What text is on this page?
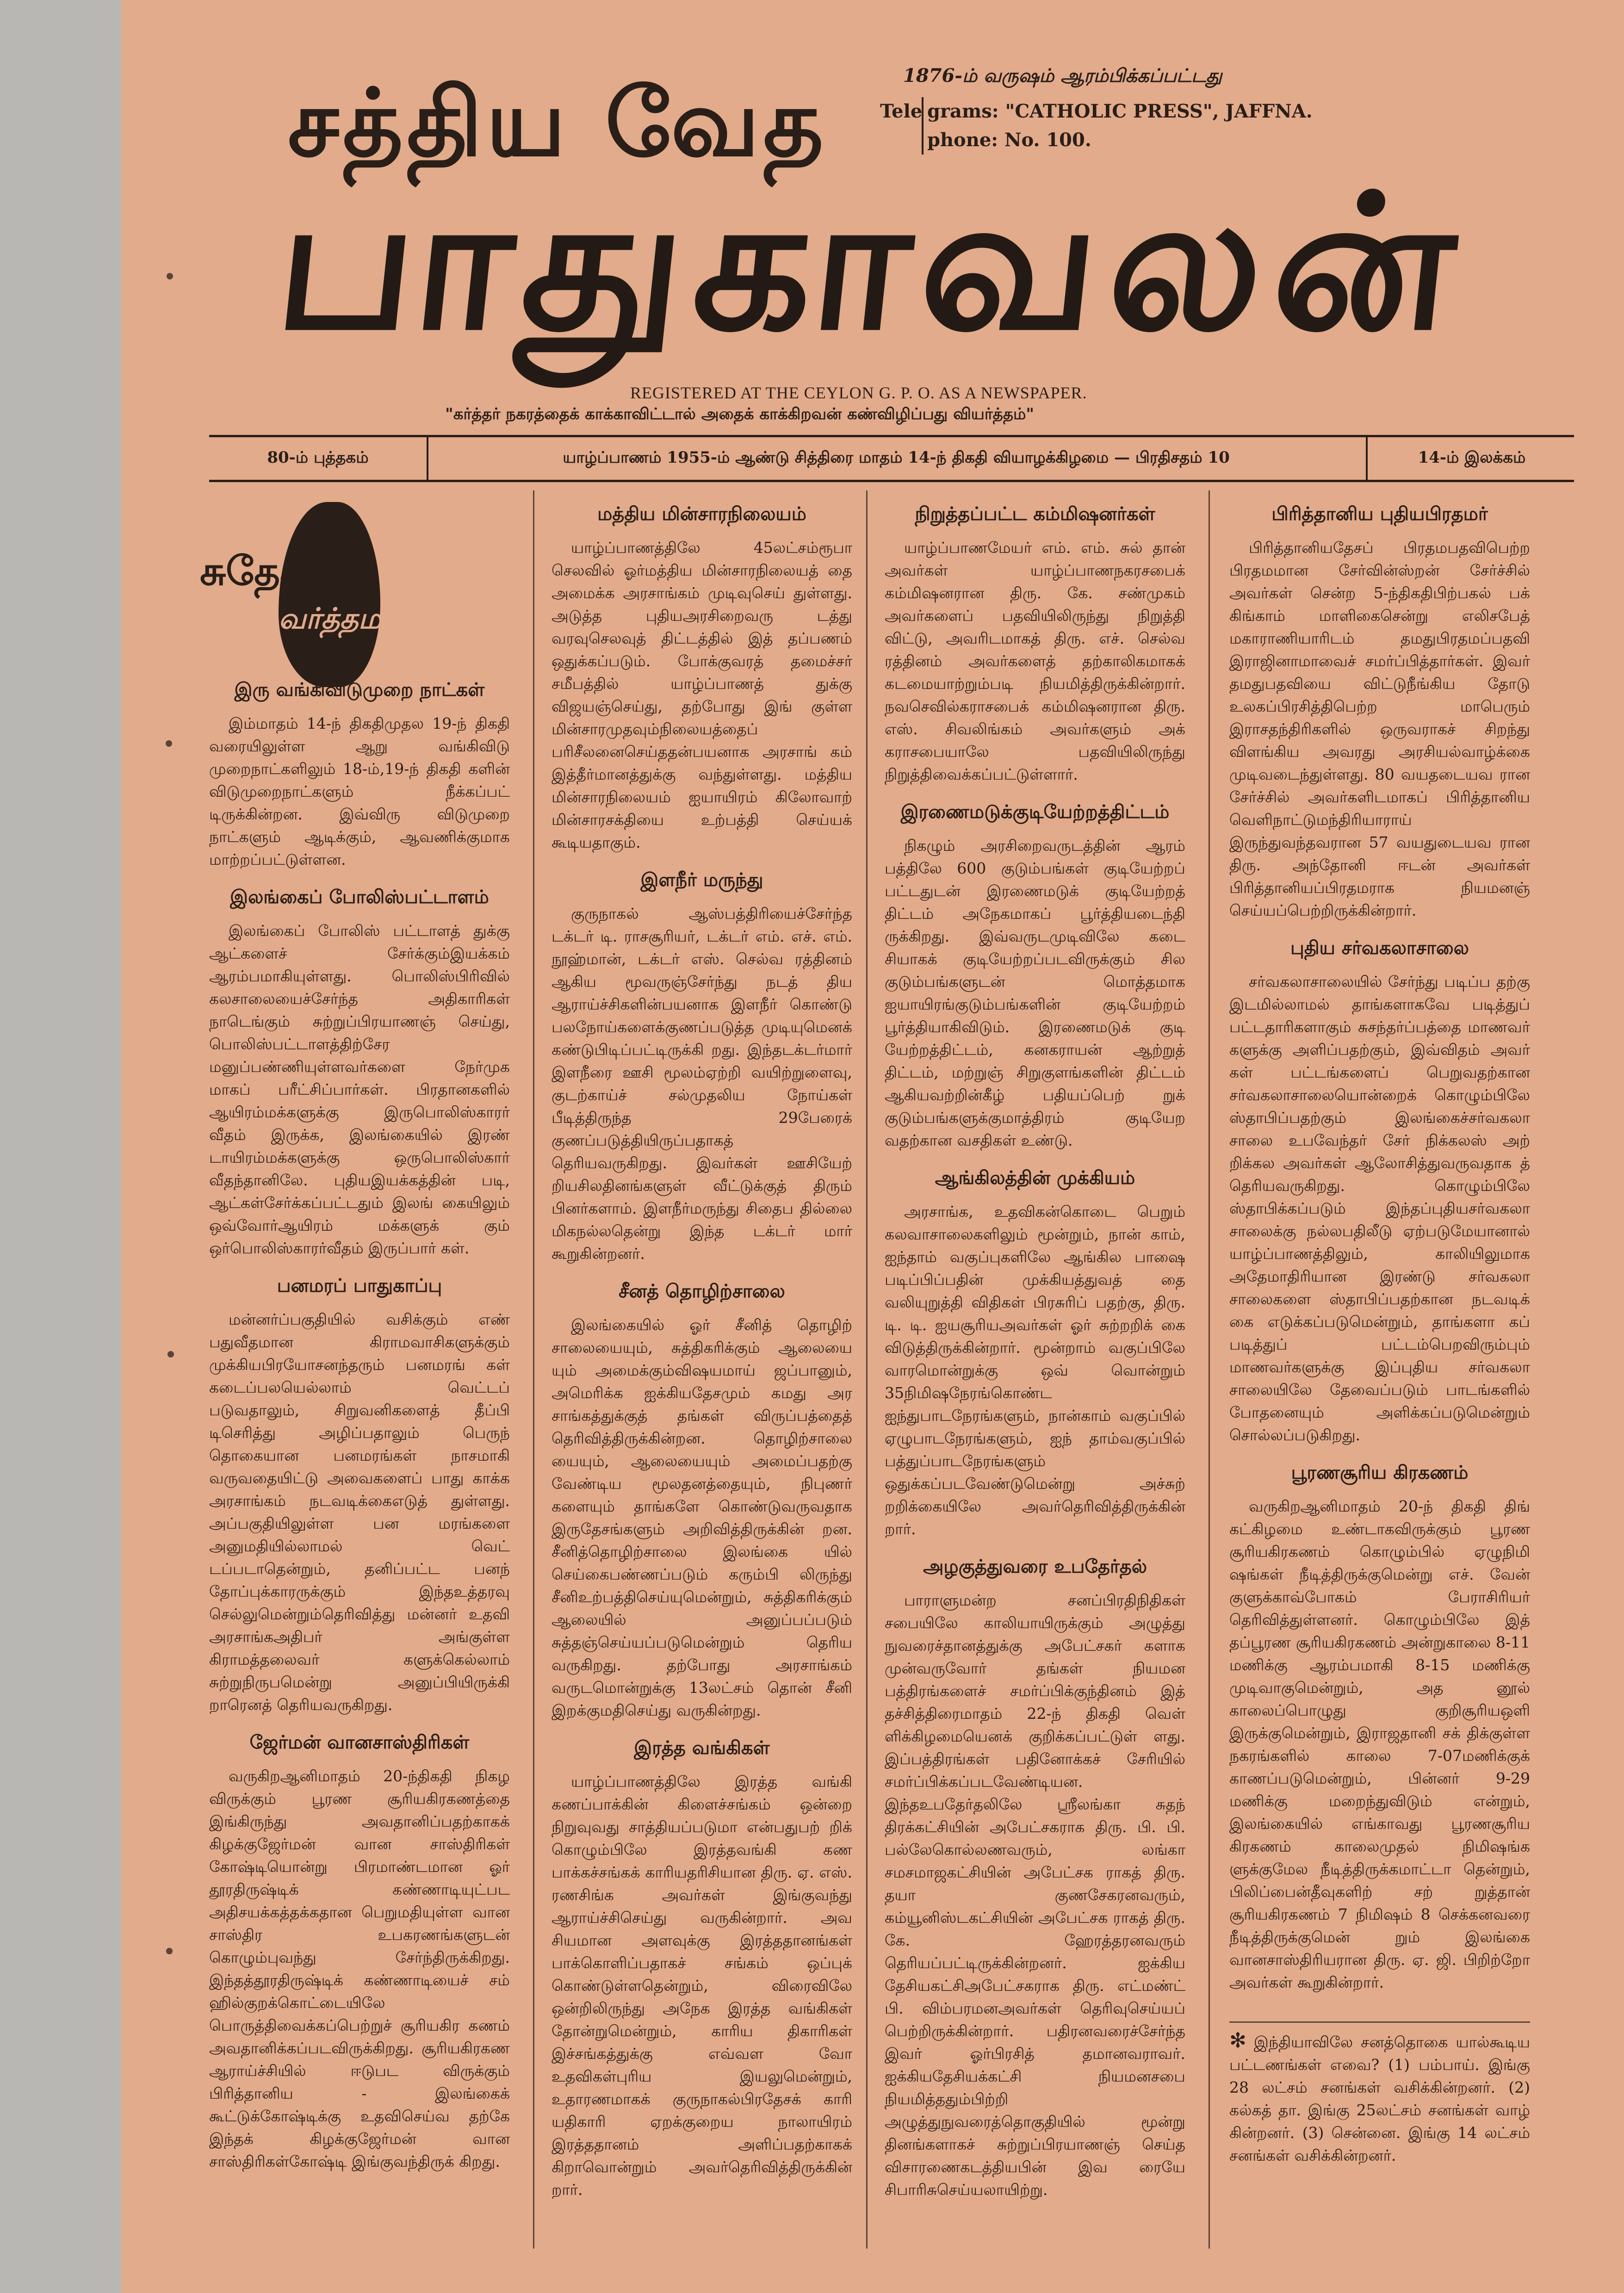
சத்திய வேத
பாதுகாவலன்
1876-ம் வருஷம் ஆரம்பிக்கப்பட்டது
Tele grams: "CATHOLIC PRESS", JAFFNA.
phone: No. 100.
REGISTERED AT THE CEYLON G. P. O. AS A NEWSPAPER.
"கர்த்தர் நகரத்தைக் காக்காவிட்டால் அதைக் காக்கிறவன் கண்விழிப்பது வியர்த்தம்"
80-ம் புத்தகம்	யாழ்ப்பாணம் 1955-ம் ஆண்டு சித்திரை மாதம் 14-ந் திகதி வியாழக்கிழமை — பிரதிசதம் 10	14-ம் இலக்கம்
சுதேச
வர்த்தமானம்
இரு வங்கிவிடுமுறை நாட்கள்

இம்மாதம் 14-ந் திகதிமுதல 19-ந் திகதி வரையிலுள்ள ஆறு வங்கிவிடு முறைநாட்களிலும் 18-ம்,19-ந் திகதி களின் விடுமுறைநாட்களும் நீக்கப்பட் டிருக்கின்றன. இவ்விரு விடுமுறை நாட்களும் ஆடிக்கும், ஆவணிக்குமாக மாற்றப்பட்டுள்ளன.

இலங்கைப் போலிஸ்பட்டாளம்

இலங்கைப் போலிஸ் பட்டாளத் துக்கு ஆட்களைச் சேர்க்கும்இயக்கம் ஆரம்பமாகியுள்ளது. பொலிஸ்பிரிவில் கலசாலையைச்சேர்ந்த அதிகாரிகள் நாடெங்கும் சுற்றுப்பிரயாணஞ் செய்து, பொலிஸ்பட்டாளத்திற்சேர மனுப்பண்ணியுள்ளவர்களை நேர்முக மாகப் பரீட்சிப்பார்கள். பிரதானகளில் ஆயிரம்மக்களுக்கு இருபொலிஸ்காரர் வீதம் இருக்க, இலங்கையில் இரண் டாயிரம்மக்களுக்கு ஒருபொலிஸ்கார் வீதந்தானிலே. புதியஇயக்கத்தின் படி, ஆட்கள்சேர்க்கப்பட்டதும் இலங் கையிலும் ஒவ்வோர்ஆயிரம் மக்களுக் கும் ஒர்பொலிஸ்காரர்வீதம் இருப்பார் கள்.

பனமரப் பாதுகாப்பு

மன்னர்ப்பகுதியில் வசிக்கும் எண் பதுவீதமான கிராமவாசிகளுக்கும் முக்கியபிரயோசனந்தரும் பனமரங் கள் கடைப்பலயெல்லாம் வெட்டப் படுவதாலும், சிறுவனிகளைத் தீப்பி டிசெரித்து அழிப்பதாலும் பெருந் தொகையான பனமரங்கள் நாசமாகி வருவதையிட்டு அவைகளைப் பாது காக்க அரசாங்கம் நடவடிக்கைஎடுத் துள்ளது. அப்பகுதியிலுள்ள பன மரங்களை அனுமதியில்லாமல் வெட் டப்படாதென்றும், தனிப்பட்ட பனந் தோப்புக்காரருக்கும் இந்தஉத்தரவு செல்லுமென்றும்தெரிவித்து மன்னர் உதவி அரசாங்கஅதிபர் அங்குள்ள கிராமத்தலைவர் களுக்கெல்லாம் சுற்றுநிருபமென்று அனுப்பியிருக்கி றாரெனத் தெரியவருகிறது.

ஜேர்மன் வானசாஸ்திரிகள்

வருகிறஆனிமாதம் 20-ந்திகதி நிகழ விருக்கும் பூரண சூரியகிரகணத்தை இங்கிருந்து அவதானிப்பதற்காகக் கிழக்குஜேர்மன் வான சாஸ்திரிகள் கோஷ்டியொன்று பிரமாண்டமான ஓர் தூரதிருஷ்டிக் கண்ணாடியுட்பட அதிசயக்கத்தக்கதான பெறுமதியுள்ள வான சாஸ்திர உபகரணங்களுடன் கொழும்புவந்து சேர்ந்திருக்கிறது. இந்தத்தூரதிருஷ்டிக் கண்ணாடியைச் சம் ஹில்குறக்கொட்டையிலே பொருத்திவைக்கப்பெற்றுச் சூரியகிர கணம் அவதானிக்கப்படவிருக்கிறது. சூரியகிரகண ஆராய்ச்சியில் ஈடுபட விருக்கும் பிரித்தானிய - இலங்கைக் கூட்டுக்கோஷ்டிக்கு உதவிசெய்வ தற்கே இந்தக் கிழக்குஜேர்மன் வான சாஸ்திரிகள்கோஷ்டி இங்குவந்திருக் கிறது.

மத்திய மின்சாரநிலையம்

யாழ்ப்பாணத்திலே 45லட்சம்ரூபா செலவில் ஓர்மத்திய மின்சாரநிலையத் தை அமைக்க அரசாங்கம் முடிவுசெய் துள்ளது. அடுத்த புதியஅரசிறைவரு டத்து வரவுசெலவுத் திட்டத்தில் இத் தப்பணம் ஒதுக்கப்படும். போக்குவரத் தமைச்சர் சமீபத்தில் யாழ்ப்பாணத் துக்கு விஜயஞ்செய்து, தற்போது இங் குள்ள மின்சாரமுதவும்நிலையத்தைப் பரிசீலனைசெய்ததன்பயனாக அரசாங் கம் இத்தீர்மானத்துக்கு வந்துள்ளது. மத்திய மின்சாரநிலையம் ஐயாயிரம் கிலோவாற் மின்சாரசக்தியை உற்பத்தி செய்யக் கூடியதாகும்.

இளநீர் மருந்து

குருநாகல் ஆஸ்பத்திரியைச்சேர்ந்த டக்டர் டி. ராசசூரியர், டக்டர் எம். எச். எம். நூஹ்மான், டக்டர் எஸ். செல்வ ரத்தினம் ஆகிய மூவருஞ்சேர்ந்து நடத் திய ஆராய்ச்சிகளின்பயனாக இளநீர் கொண்டு பலநோய்களைக்குணப்படுத்த முடியுமெனக் கண்டுபிடிப்பட்டிருக்கி றது. இந்தடக்டர்மார் இளநீரை ஊசி மூலம்ஏற்றி வயிற்றுளைவு, குடற்காய்ச் சல்முதலிய நோய்கள் பீடித்திருந்த 29பேரைக் குணப்படுத்தியிருப்பதாகத் தெரியவருகிறது. இவர்கள் ஊசியேற் றியசிலதினங்களுள் வீட்டுக்குத் திரும் பினர்களாம். இளநீர்மருந்து சிதைப தில்லை மிகநல்லதென்று இந்த டக்டர் மார் கூறுகின்றனர்.

சீனத் தொழிற்சாலை

இலங்கையில் ஓர் சீனித் தொழிற் சாலையையும், சுத்திகரிக்கும் ஆலையை யும் அமைக்கும்விஷயமாய் ஜப்பானும், அமெரிக்க ஐக்கியதேசமும் கமது அர சாங்கத்துக்குத் தங்கள் விருப்பத்தைத் தெரிவித்திருக்கின்றன. தொழிற்சாலை யையும், ஆலையையும் அமைப்பதற்கு வேண்டிய மூலதனத்தையும், நிபுணர் களையும் தாங்களே கொண்டுவருவதாக இருதேசங்களும் அறிவித்திருக்கின் றன. சீனித்தொழிற்சாலை இலங்கை யில் செய்கைபண்ணப்படும் கரும்பி லிருந்து சீனிஉற்பத்திசெய்யுமென்றும், சுத்திகரிக்கும் ஆலையில் அனுப்பப்படும் சுத்தஞ்செய்யப்படுமென்றும் தெரிய வருகிறது. தற்போது அரசாங்கம் வருடமொன்றுக்கு 13லட்சம் தொன் சீனி இறக்குமதிசெய்து வருகின்றது.

இரத்த வங்கிகள்

யாழ்ப்பாணத்திலே இரத்த வங்கி கணப்பாக்கின் கிளைச்சங்கம் ஒன்றை நிறுவுவது சாத்தியப்படுமா என்பதுபற் றிக் கொழும்பிலே இரத்தவங்கி கண பாக்கச்சங்கக் காரியதரிசியான திரு. ஏ. எஸ். ரணசிங்க அவர்கள் இங்குவந்து ஆராய்ச்சிசெய்து வருகின்றார். அவ சியமான அளவுக்கு இரத்ததானங்கள் பாக்கொளிப்பதாகச் சங்கம் ஒப்புக் கொண்டுள்ளதென்றும், விரைவிலே ஒன்றிலிருந்து அநேக இரத்த வங்கிகள் தோன்றுமென்றும், காரிய திகாரிகள் இச்சங்கத்துக்கு எவ்வள வோ உதவிகள்புரிய இயலுமென்றும், உதாரணமாகக் குருநாகல்பிரதேசக் காரி யதிகாரி ஏறக்குறைய நாலாயிரம் இரத்ததானம் அளிப்பதற்காகக் கிறாவொன்றும் அவர்தெரிவித்திருக்கின் றார்.

நிறுத்தப்பட்ட கம்மிஷனர்கள்

யாழ்ப்பாணமேயர் எம். எம். சுல் தான் அவர்கள் யாழ்ப்பாணநகரசபைக் கம்மிஷனரான திரு. கே. சண்முகம் அவர்களைப் பதவியிலிருந்து நிறுத்தி விட்டு, அவரிடமாகத் திரு. எச். செல்வ ரத்தினம் அவர்களைத் தற்காலிகமாகக் கடமையாற்றும்படி நியமித்திருக்கின்றார். நவசெவில்கராசபைக் கம்மிஷனரான திரு. எஸ். சிவலிங்கம் அவர்களும் அக் கராசபையாலே பதவியிலிருந்து நிறுத்திவைக்கப்பட்டுள்ளார்.

இரணைமடுக்குடியேற்றத்திட்டம்

நிகழும் அரசிறைவருடத்தின் ஆரம் பத்திலே 600 குடும்பங்கள் குடியேற்றப் பட்டதுடன் இரணைமடுக் குடியேற்றத் திட்டம் அநேகமாகப் பூர்த்தியடைந்தி ருக்கிறது. இவ்வருடமுடிவிலே கடை சியாகக் குடியேற்றப்படவிருக்கும் சில குடும்பங்களுடன் மொத்தமாக ஐயாயிரங்குடும்பங்களின் குடியேற்றம் பூர்த்தியாகிவிடும். இரணைமடுக் குடி யேற்றத்திட்டம், கனகராயன் ஆற்றுத் திட்டம், மற்றுஞ் சிறுகுளங்களின் திட்டம் ஆகியவற்றின்கீழ் பதியப்பெற் றுக் குடும்பங்களுக்குமாத்திரம் குடியேற வதற்கான வசதிகள் உண்டு.

ஆங்கிலத்தின் முக்கியம்

அரசாங்க, உதவிகன்கொடை பெறும் கலவாசாலைகளிலும் மூன்றும், நான் காம், ஐந்தாம் வகுப்புகளிலே ஆங்கில பாஷை படிப்பிப்பதின் முக்கியத்துவத் தை வலியுறுத்தி விதிகள் பிரசுரிப் பதற்கு, திரு. டி. டி. ஐயசூரியஅவர்கள் ஓர் சுற்றறிக் கை விடுத்திருக்கின்றார். மூன்றாம் வகுப்பிலே வாரமொன்றுக்கு ஒவ் வொன்றும் 35நிமிஷநேரங்கொண்ட ஐந்துபாடநேரங்களும், நான்காம் வகுப்பில் ஏழுபாடநேரங்களும், ஐந் தாம்வகுப்பில் பத்துப்பாடநேரங்களும் ஒதுக்கப்படவேண்டுமென்று அச்சுற் றறிக்கையிலே அவர்தெரிவித்திருக்கின் றார்.

அழகுத்துவரை உபதேர்தல்

பாராளுமன்ற சனப்பிரதிநிதிகள் சபையிலே காலியாயிருக்கும் அழுத்து நுவரைச்தானத்துக்கு அபேட்சகர் களாக முன்வருவோர் தங்கள் நியமன பத்திரங்களைச் சமர்ப்பிக்குந்தினம் இத் தச்சித்திரைமாதம் 22-ந் திகதி வெள் ளிக்கிழமையெனக் குறிக்கப்பட்டுள் ளது. இப்பத்திரங்கள் பதினோக்கச் சேரியில் சமர்ப்பிக்கப்படவேண்டியன. இந்தஉபதேர்தலிலே ஸ்ரீலங்கா சுதந் திரக்கட்சியின் அபேட்சகராக திரு. பி. பி. பல்லேகொல்லணவரும், லங்கா சமசமாஜகட்சியின் அபேட்சக ராகத் திரு. தயா குணசேகரனவரும், கம்யூனிஸ்டகட்சியின் அபேட்சக ராகத் திரு. கே. ஹேரத்தரனவரும் தெரியப்பட்டிருக்கின்றனர். ஐக்கிய தேசியகட்சிஅபேட்சகராக திரு. எட்மண்ட் பி. விம்பரமனஅவர்கள் தெரிவுசெய்யப் பெற்றிருக்கின்றார். பதிரனவரைச்சேர்ந்த இவர் ஓர்பிரசித் தமானவராவர். ஐக்கியதேசியக்கட்சி நியமனசபை நியமித்ததும்பிற்றி அழுத்துநுவரைத்தொகுதியில் மூன்று தினங்களாகச் சுற்றுப்பிரயாணஞ் செய்த விசாரணைகடத்தியபின் இவ ரையே சிபாரிசுசெய்யலாயிற்று.

பிரித்தானிய புதியபிரதமர்

பிரித்தானியதேசப் பிரதமபதவிபெற்ற பிரதமமான சேர்வின்ஸ்றன் சேர்ச்சில் அவர்கள் சென்ற 5-ந்திகதிபிற்பகல் பக் கிங்காம் மாளிகைசென்று எலிசபேத் மகாராணியாரிடம் தமதுபிரதமப்பதவி இராஜினாமாவைச் சமர்ப்பித்தார்கள். இவர் தமதுபதவியை விட்டுநீங்கிய தோடு உலகப்பிரசித்திபெற்ற மாபெரும் இராசதந்திரிகளில் ஒருவராகச் சிறந்து விளங்கிய அவரது அரசியல்வாழ்க்கை முடிவடைந்துள்ளது. 80 வயதடையவ ரான சேர்ச்சில் அவர்களிடமாகப் பிரித்தானிய வெளிநாட்டுமந்திரியாராய் இருந்துவந்தவரான 57 வயதுடையவ ரான திரு. அந்தோனி ஈடன் அவர்கள் பிரித்தானியப்பிரதமராக நியமனஞ் செய்யப்பெற்றிருக்கின்றார்.

புதிய சர்வகலாசாலை

சர்வகலாசாலையில் சேர்ந்து படிப்ப தற்கு இடமில்லாமல் தாங்களாகவே படித்துப் பட்டதாரிகளாகும் சுசந்தர்ப்பத்தை மாணவர் களுக்கு அளிப்பதற்கும், இவ்விதம் அவர் கள் பட்டங்களைப் பெறுவதற்கான சர்வகலாசாலையொன்றைக் கொழும்பிலே ஸ்தாபிப்பதற்கும் இலங்கைச்சர்வகலா சாலை உபவேந்தர் சேர் நிக்கலஸ் அற் றிக்கல அவர்கள் ஆலோசித்துவருவதாக த் தெரியவருகிறது. கொழும்பிலே ஸ்தாபிக்கப்படும் இந்தப்புதியசர்வகலா சாலைக்கு நல்லபதிலீடு ஏற்படுமேயானால் யாழ்ப்பாணத்திலும், காலியிலுமாக அதேமாதிரியான இரண்டு சர்வகலா சாலைகளை ஸ்தாபிப்பதற்கான நடவடிக் கை எடுக்கப்படுமென்றும், தாங்களா கப் படித்துப் பட்டம்பெறவிரும்பும் மாணவர்களுக்கு இப்புதிய சர்வகலா சாலையிலே தேவைப்படும் பாடங்களில் போதனையும் அளிக்கப்படுமென்றும் சொல்லப்படுகிறது.

பூரணசூரிய கிரகணம்

வருகிறஆனிமாதம் 20-ந் திகதி திங் கட்கிழமை உண்டாகவிருக்கும் பூரண சூரியகிரகணம் கொழும்பில் ஏழுநிமி ஷங்கள் நீடித்திருக்குமென்று எச். வேன் குளுக்காவ்போகம் பேராசிரியர் தெரிவித்துள்ளனர். கொழும்பிலே இத் தப்பூரண சூரியகிரகணம் அன்றுகாலை 8-11 மணிக்கு ஆரம்பமாகி 8-15 மணிக்கு முடிவாகுமென்றும், அத னூல் காலைப்பொழுது குறிசூரியஒளி இருக்குமென்றும், இராஜதானி சக் திக்குள்ள நகரங்களில் காலை 7-07மணிக்குக் காணப்படுமென்றும், பின்னர் 9-29 மணிக்கு மறைந்துவிடும் என்றும், இலங்கையில் எங்காவது பூரணசூரிய கிரகணம் காலைமுதல் நிமிஷங்க ளுக்குமேல நீடித்திருக்கமாட்டா தென்றும், பிலிப்பைன்தீவுகளிற் சற் றுத்தான் சூரியகிரகணம் 7 நிமிஷம் 8 செக்கனவரை நீடித்திருக்குமென் றும் இலங்கை வானசாஸ்திரியரான திரு. ஏ. ஜி. பிறிற்றோ அவர்கள் கூறுகின்றார்.

✻ இந்தியாவிலே சனத்தொகை யால்கூடிய பட்டணங்கள் எவை? (1) பம்பாய். இங்கு 28 லட்சம் சனங்கள் வசிக்கின்றனர். (2) கல்கத் தா. இங்கு 25லட்சம் சனங்கள் வாழ் கின்றனர். (3) சென்னை. இங்கு 14 லட்சம் சனங்கள் வசிக்கின்றனர்.
